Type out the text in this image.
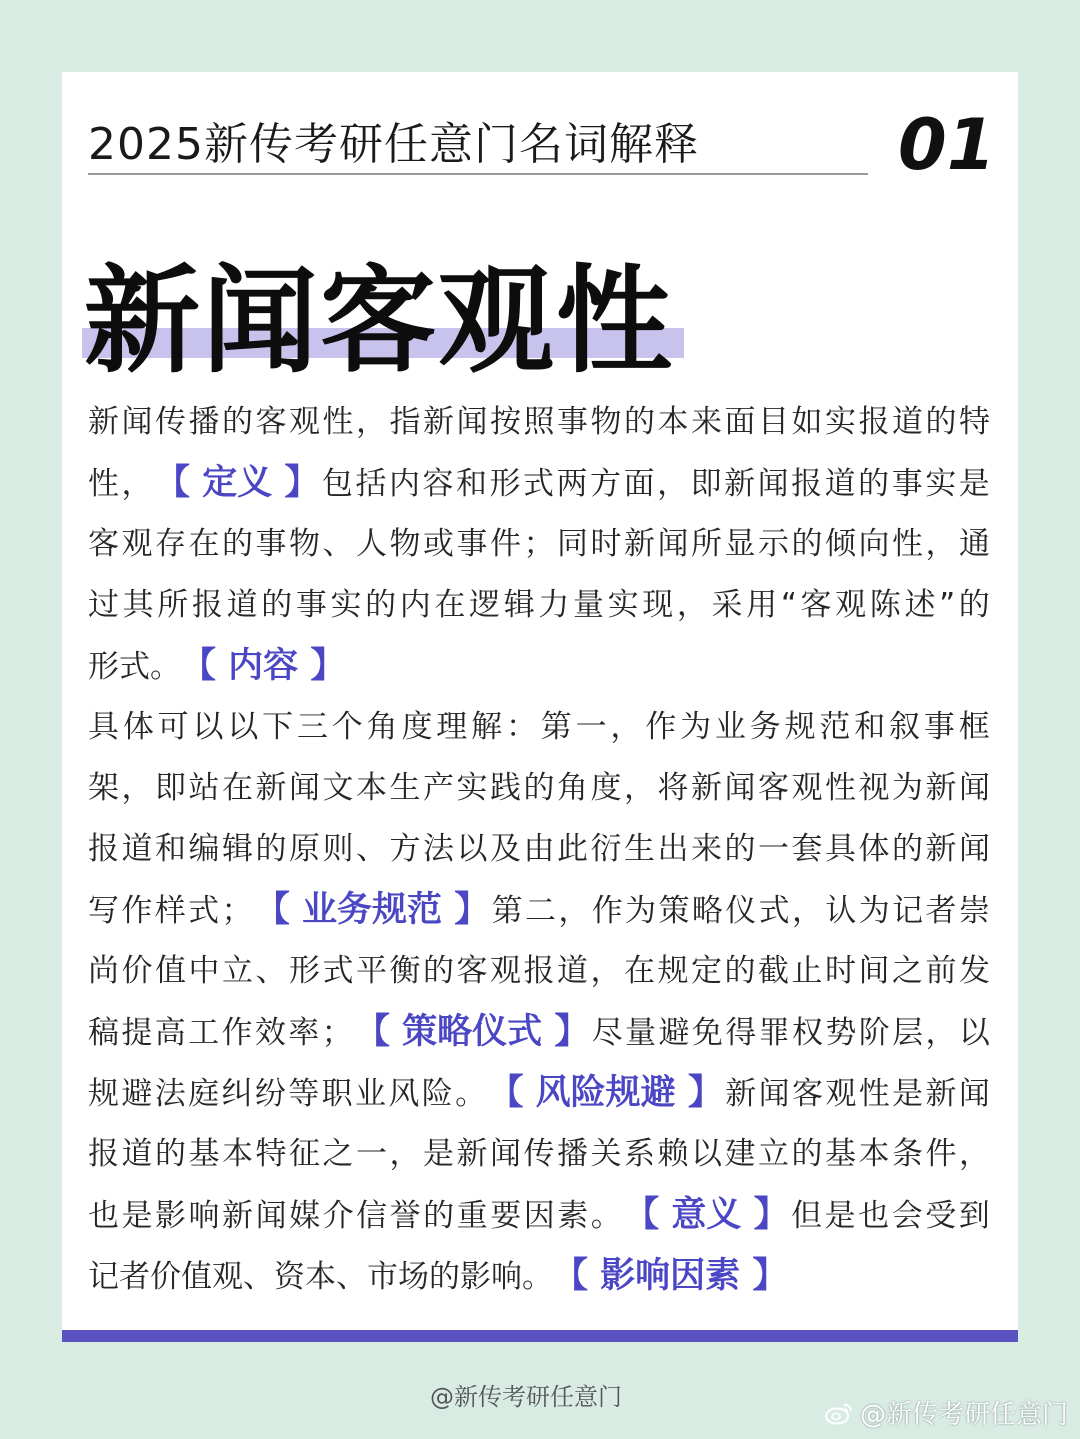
2025新传考研任意门名词解释	01
新闻客观性
新 闻 传 播 的 客 观 性 ， 指 新 闻 按 照 事 物 的 本 来 面 目 如 实 报 道 的 特
性 ， 【 定义 】 包 括 内 容 和 形 式 两 方 面 ， 即 新 闻 报 道 的 事 实 是
客 观 存 在 的 事 物 、 人 物 或 事 件 ； 同 时 新 闻 所 显 示 的 倾 向 性 ， 通
过 其 所 报 道 的 事 实 的 内 在 逻 辑 力 量 实 现 ， 采 用 “ 客 观 陈 述 ” 的
形 式 。 【 内容 】
具 体 可 以 以 下 三 个 角 度 理 解 ： 第 一 ， 作 为 业 务 规 范 和 叙 事 框
架 ， 即 站 在 新 闻 文 本 生 产 实 践 的 角 度 ， 将 新 闻 客 观 性 视 为 新 闻
报 道 和 编 辑 的 原 则 、 方 法 以 及 由 此 衍 生 出 来 的 一 套 具 体 的 新 闻
写 作 样 式 ； 【 业务规范 】 第 二 ， 作 为 策 略 仪 式 ， 认 为 记 者 崇
尚 价 值 中 立 、 形 式 平 衡 的 客 观 报 道 ， 在 规 定 的 截 止 时 间 之 前 发
稿 提 高 工 作 效 率 ； 【 策略仪式 】 尽 量 避 免 得 罪 权 势 阶 层 ， 以
规 避 法 庭 纠 纷 等 职 业 风 险 。 【 风险规避 】 新 闻 客 观 性 是 新 闻
报 道 的 基 本 特 征 之 一 ， 是 新 闻 传 播 关 系 赖 以 建 立 的 基 本 条 件 ，
也 是 影 响 新 闻 媒 介 信 誉 的 重 要 因 素 。 【 意义 】 但 是 也 会 受 到
记 者 价 值 观 、 资 本 、 市 场 的 影 响 。 【 影响因素 】
@新传考研任意门
@新传考研任意门
